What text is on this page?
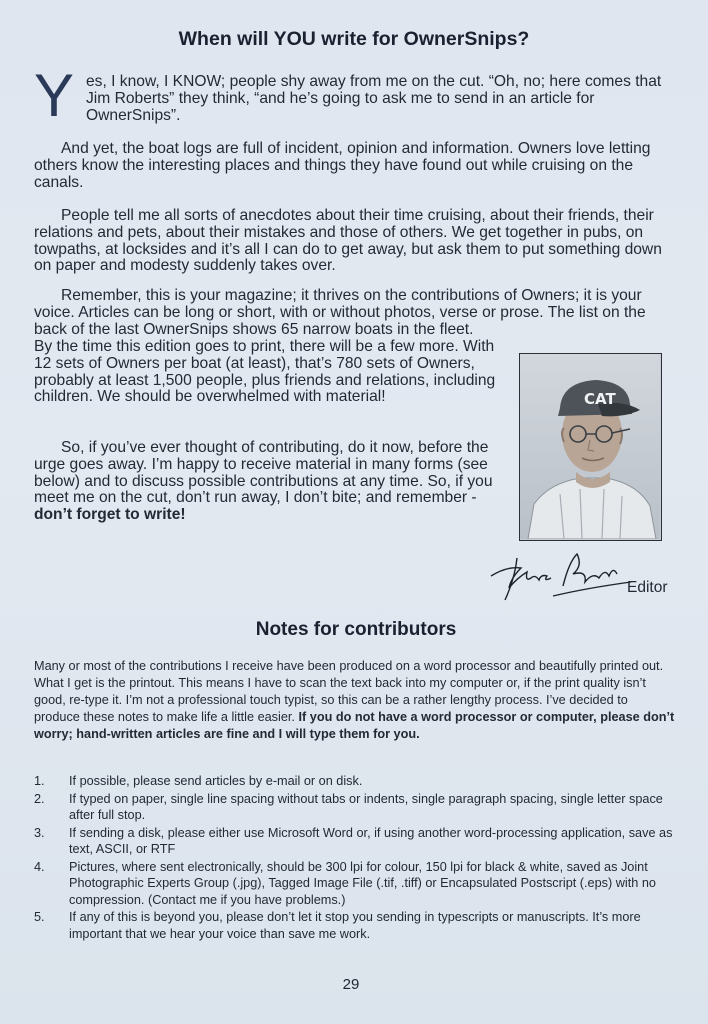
When will YOU write for OwnerSnips?
Y es, I know, I KNOW; people shy away from me on the cut. “Oh, no; here comes that Jim Roberts” they think, “and he’s going to ask me to send in an article for OwnerSnips”.

And yet, the boat logs are full of incident, opinion and information. Owners love letting others know the interesting places and things they have found out while cruising on the canals.

People tell me all sorts of anecdotes about their time cruising, about their friends, their relations and pets, about their mistakes and those of others. We get together in pubs, on towpaths, at locksides and it’s all I can do to get away, but ask them to put something down on paper and modesty suddenly takes over.

Remember, this is your magazine; it thrives on the contributions of Owners; it is your voice. Articles can be long or short, with or without photos, verse or prose. The list on the back of the last OwnerSnips shows 65 narrow boats in the fleet.

By the time this edition goes to print, there will be a few more. With 12 sets of Owners per boat (at least), that’s 780 sets of Owners, probably at least 1,500 people, plus friends and relations, including children. We should be overwhelmed with material!

So, if you’ve ever thought of contributing, do it now, before the urge goes away. I’m happy to receive material in many forms (see below) and to discuss possible contributions at any time. So, if you meet me on the cut, don’t run away, I don’t bite; and remember - don’t forget to write!

CAT
Editor
Notes for contributors

Many or most of the contributions I receive have been produced on a word processor and beautifully printed out. What I get is the printout. This means I have to scan the text back into my computer or, if the print quality isn’t good, re-type it. I’m not a professional touch typist, so this can be a rather lengthy process. I’ve decided to produce these notes to make life a little easier. If you do not have a word processor or computer, please don’t worry; hand-written articles are fine and I will type them for you.

1. If possible, please send articles by e-mail or on disk.
2. If typed on paper, single line spacing without tabs or indents, single paragraph spacing, single letter space after full stop.
3. If sending a disk, please either use Microsoft Word or, if using another word-processing application, save as text, ASCII, or RTF
4. Pictures, where sent electronically, should be 300 lpi for colour, 150 lpi for black & white, saved as Joint Photographic Experts Group (.jpg), Tagged Image File (.tif, .tiff) or Encapsulated Postscript (.eps) with no compression. (Contact me if you have problems.)
5. If any of this is beyond you, please don’t let it stop you sending in typescripts or manuscripts. It’s more important that we hear your voice than save me work.
29
